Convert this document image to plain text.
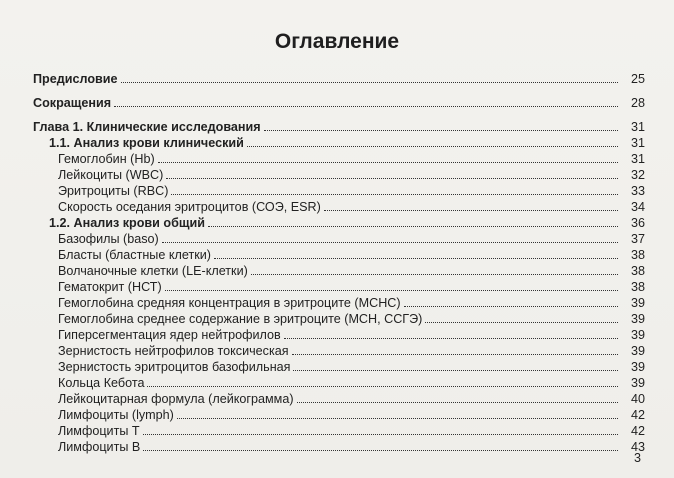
Оглавление
Предисловие	25
Сокращения	28
Глава 1. Клинические исследования	31
1.1. Анализ крови клинический	31
Гемоглобин (Hb)	31
Лейкоциты (WBC)	32
Эритроциты (RBC)	33
Скорость оседания эритроцитов (СОЭ, ESR)	34
1.2. Анализ крови общий	36
Базофилы (baso)	37
Бласты (бластные клетки)	38
Волчаночные клетки (LE-клетки)	38
Гематокрит (НСТ)	38
Гемоглобина средняя концентрация в эритроците (МСНС)	39
Гемоглобина среднее содержание в эритроците (МСН, ССГЭ)	39
Гиперсегментация ядер нейтрофилов	39
Зернистость нейтрофилов токсическая	39
Зернистость эритроцитов базофильная	39
Кольца Кебота	39
Лейкоцитарная формула (лейкограмма)	40
Лимфоциты (lymph)	42
Лимфоциты Т	42
Лимфоциты В	43
3
